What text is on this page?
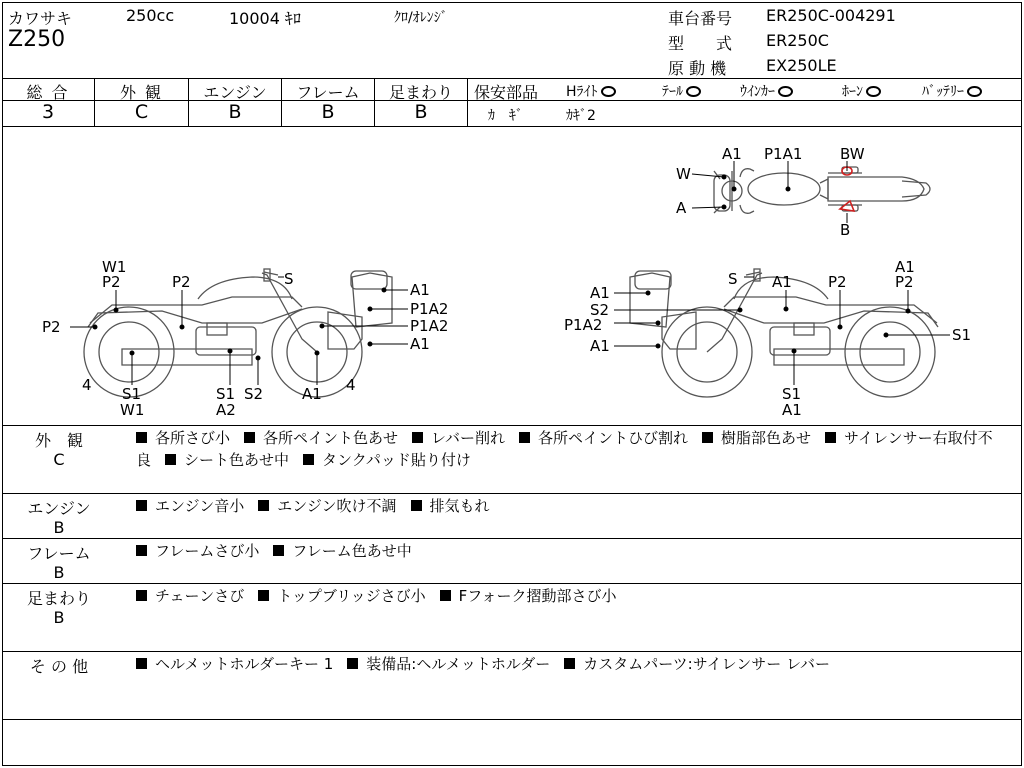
カワサキ	250cc	10004 ｷﾛ	ｸﾛ/ｵﾚﾝｼﾞ
Z250
車台番号 ER250C-004291
型　　式 ER250C
原 動 機 EX250LE
総 合	外 観	エンジン	フレーム	足まわり
3	C	B	B	B
保安部品 Hﾗｲﾄ	ﾃｰﾙ	ｳｲﾝｶｰ	ﾎｰﾝ	ﾊﾞｯﾃﾘｰ
ｶ　ｷﾞ	ｶｷﾞ2
A1 P1A1	BW
W
A
B
W1
P2	P2	S
A1
P1A2
P1A2
A1
P2
4 S1
W1
S1 S2
A2
A1 4
S A1
A1
P2
A1
P2
S2
P1A2
A1
S1
S1
A1
外　観
C
各所さび小 各所ペイント色あせ レバー削れ 各所ペイントひび割れ 樹脂部色あせ サイレンサー右取付不良 シート色あせ中 タンクパッド貼り付け
エンジン
B
エンジン音小 エンジン吹け不調 排気もれ
フレーム
B
フレームさび小 フレーム色あせ中
足まわり
B
チェーンさび トップブリッジさび小 Fフォーク摺動部さび小
そ の 他	ヘルメットホルダーキー 1 装備品:ヘルメットホルダー カスタムパーツ:サイレンサー レバー
